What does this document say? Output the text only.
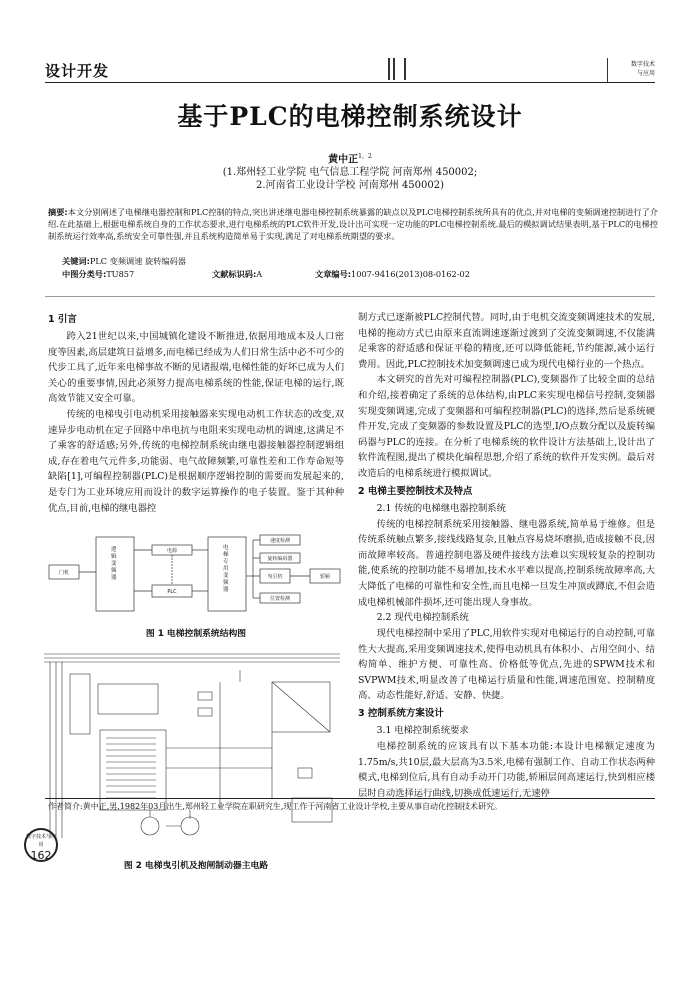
设计开发	数字技术
与应用
基于PLC的电梯控制系统设计
黄中正$^{1,2}$
(1.郑州轻工业学院 电气信息工程学院 河南郑州 450002;
2.河南省工业设计学校 河南郑州 450002)
摘要:本文分别阐述了电梯继电器控制和PLC控制的特点,突出讲述继电器电梯控制系统暴露的缺点以及PLC电梯控制系统所具有的优点,并对电梯的变频调速控制进行了介绍.在此基础上,根据电梯系统自身的工作状态要求,进行电梯系统的PLC软件开发,设计出可实现一定功能的PLC电梯控制系统.最后的模拟调试结果表明,基于PLC的电梯控制系统运行效率高,系统安全可靠性强,并且系统构造简单易于实现,满足了对电梯系统期望的要求。
关键词:PLC 变频调速 旋转编码器
中图分类号: TU857	文献标识码: A	文章编号: 1007-9416(2013)08-0162-02
1 引言

跨入21世纪以来,中国城镇化建设不断推进,依据用地成本及人口密度等因素,高层建筑日益增多,而电梯已经成为人们日常生活中必不可少的代步工具了,近年来电梯事故不断的见诸报端,电梯性能的好坏已成为人们关心的重要事情,因此必须努力提高电梯系统的性能,保证电梯的运行,既高效节能又安全可靠。

传统的电梯曳引电动机采用接触器来实现电动机工作状态的改变,双速异步电动机在定子回路中串电抗与电阻来实现电动机的调速,这满足不了乘客的舒适感;另外,传统的电梯控制系统由继电器接触器控制逻辑组成,存在着电气元件多,功能弱、电气故障频繁,可靠性差和工作寿命短等缺陷[1],可编程控制器(PLC)是根据顺序逻辑控制的需要而发展起来的,是专门为工业环境应用而设计的数字运算操作的电子装置。鉴于其种种优点,目前,电梯的继电器控

门机
电源
PLC
速度检测
旋转编码器
曳引机
位置检测
轿厢
逻辑变频器
电梯专用变频器
图 1 电梯控制系统结构图
图 2 电梯曳引机及抱闸制动器主电路

制方式已逐渐被PLC控制代替。同时,由于电机交流变频调速技术的发展,电梯的拖动方式已由原来直流调速逐渐过渡到了交流变频调速,不仅能满足乘客的舒适感和保证平稳的精度,还可以降低能耗,节约能源,减小运行费用。因此,PLC控制技术加变频调速已成为现代电梯行业的一个热点。

本文研究的首先对可编程控制器(PLC),变频器作了比较全面的总结和介绍,接着确定了系统的总体结构,由PLC来实现电梯信号控制,变频器实现变频调速,完成了变频器和可编程控制器(PLC)的选择,然后是系统硬件开发,完成了变频器的参数设置及PLC的选型,I/O点数分配以及旋转编码器与PLC的连接。在分析了电梯系统的软件设计方法基础上,设计出了软件流程图,提出了模块化编程思想,介绍了系统的软件开发实例。最后对改造后的电梯系统进行模拟调试。

2 电梯主要控制技术及特点
2.1 传统的电梯继电器控制系统

传统的电梯控制系统采用接触器、继电器系统,简单易于维修。但是传统系统触点繁多,接线线路复杂,且触点容易烧坏磨损,造成接触不良,因而故障率较高。普通控制电器及硬件接线方法难以实现较复杂的控制功能,使系统的控制功能不易增加,技术水平难以提高,控制系统故障率高,大大降低了电梯的可靠性和安全性,而且电梯一旦发生冲顶或蹲底,不但会造成电梯机械部件损坏,还可能出现人身事故。

2.2 现代电梯控制系统

现代电梯控制中采用了PLC,用软件实现对电梯运行的自动控制,可靠性大大提高,采用变频调速技术,使得电动机具有体积小、占用空间小、结构简单、维护方便、可靠性高、价格低等优点,先进的SPWM技术和SVPWM技术,明显改善了电梯运行质量和性能,调速范围宽、控制精度高、动态性能好,舒适、安静、快捷。

3 控制系统方案设计
3.1 电梯控制系统要求

电梯控制系统的应该具有以下基本功能:本设计电梯额定速度为1.75m/s,共10层,最大层高为3.5米,电梯有强制工作、自动工作状态两种模式,电梯到位后,具有自动手动开门功能,轿厢层间高速运行,快到相应楼层时自动选择运行曲线,切换成低速运行,无速停

作者简介:黄中正,男,1982年03月出生,郑州轻工业学院在职研究生,现工作于河南省工业设计学校,主要从事自动化控制技术研究。
数字技术与应用
162
